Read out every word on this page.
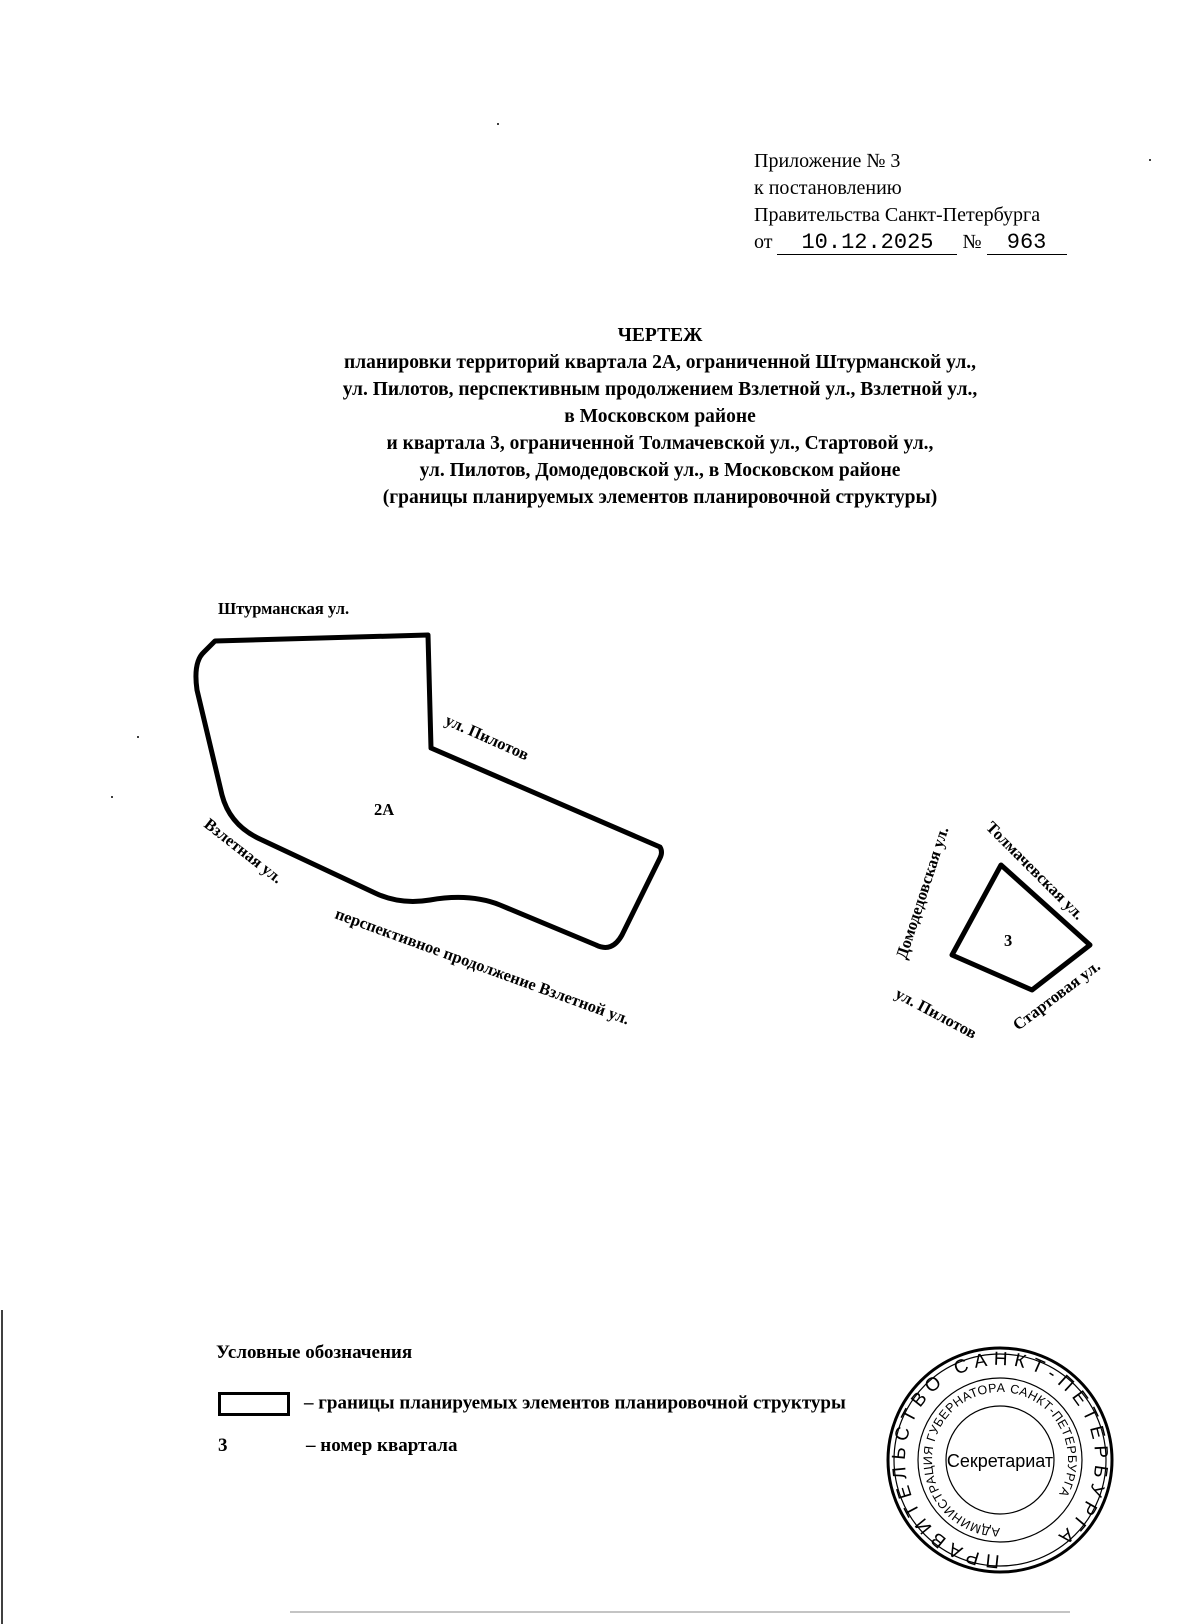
Приложение № 3
к постановлению
Правительства Санкт-Петербурга
от 10.12.2025 № 963
ЧЕРТЕЖ
планировки территорий квартала 2А, ограниченной Штурманской ул.,
ул. Пилотов, перспективным продолжением Взлетной ул., Взлетной ул.,
в Московском районе
и квартала 3, ограниченной Толмачевской ул., Стартовой ул.,
ул. Пилотов, Домодедовской ул., в Московском районе
(границы планируемых элементов планировочной структуры)
Штурманская ул.
ул. Пилотов
Взлетная ул.
перспективное продолжение Взлетной ул.
2А
Домодедовская ул. Толмачевская ул.
Стартовая ул.
ул. Пилотов
3
ПРАВИТЕЛЬСТВО САНКТ-ПЕТЕРБУРГА
АДМИНИСТРАЦИЯ ГУБЕРНАТОРА САНКТ-ПЕТЕРБУРГА
Секретариат
Условные обозначения
– границы планируемых элементов планировочной структуры
3	– номер квартала
